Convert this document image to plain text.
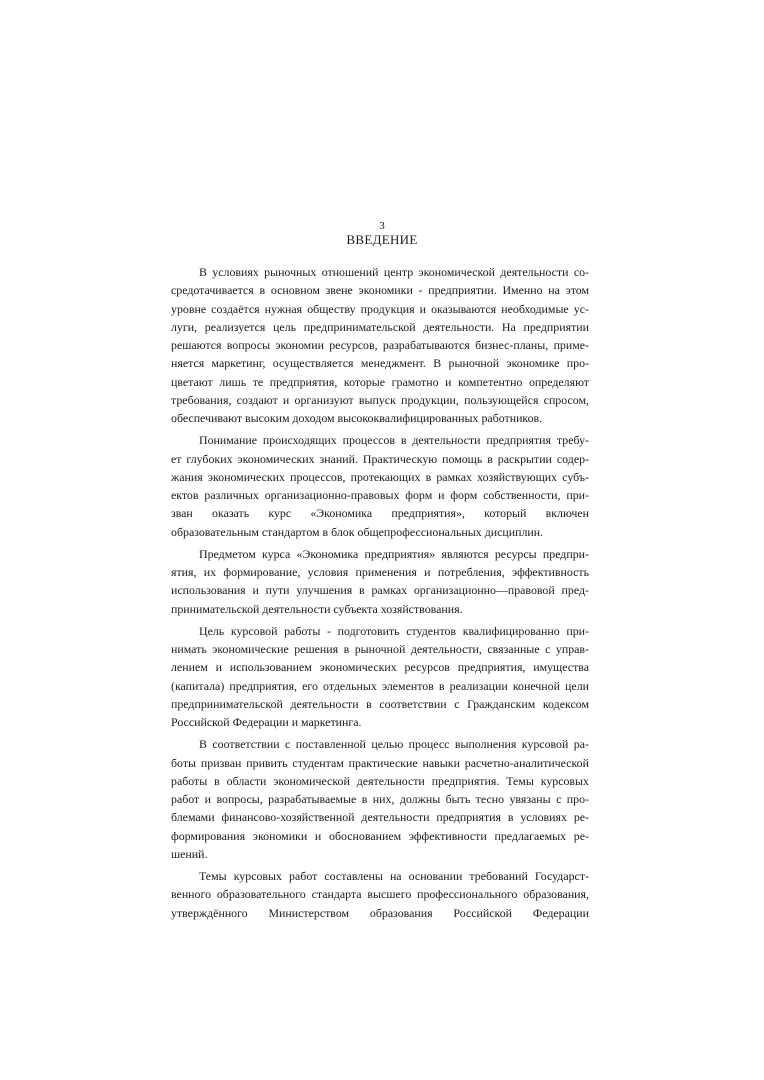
3
ВВЕДЕНИЕ
В условиях рыночных отношений центр экономической деятельности со-
средотачивается в основном звене экономики - предприятии. Именно на этом
уровне создаётся нужная обществу продукция и оказываются необходимые ус-
луги, реализуется цель предпринимательской деятельности. На предприятии
решаются вопросы экономии ресурсов, разрабатываются бизнес-планы, приме-
няется маркетинг, осуществляется менеджмент. В рыночной экономике про-
цветают лишь те предприятия, которые грамотно и компетентно определяют
требования, создают и организуют выпуск продукции, пользующейся спросом,
обеспечивают высоким доходом высококвалифицированных работников.
Понимание происходящих процессов в деятельности предприятия требу-
ет глубоких экономических знаний. Практическую помощь в раскрытии содер-
жания экономических процессов, протекающих в рамках хозяйствующих субъ-
ектов различных организационно-правовых форм и форм собственности, при-
зван оказать курс «Экономика предприятия», который включен
образовательным стандартом в блок общепрофессиональных дисциплин.
Предметом курса «Экономика предприятия» являются ресурсы предпри-
ятия, их формирование, условия применения и потребления, эффективность
использования и пути улучшения в рамках организационно—правовой пред-
принимательской деятельности субъекта хозяйствования.
Цель курсовой работы - подготовить студентов квалифицированно при-
нимать экономические решения в рыночной деятельности, связанные с управ-
лением и использованием экономических ресурсов предприятия, имущества
(капитала) предприятия, его отдельных элементов в реализации конечной цели
предпринимательской деятельности в соответствии с Гражданским кодексом
Российской Федерации и маркетинга.
В соответствии с поставленной целью процесс выполнения курсовой ра-
боты призван привить студентам практические навыки расчетно-аналитической
работы в области экономической деятельности предприятия. Темы курсовых
работ и вопросы, разрабатываемые в них, должны быть тесно увязаны с про-
блемами финансово-хозяйственной деятельности предприятия в условиях ре-
формирования экономики и обоснованием эффективности предлагаемых ре-
шений.
Темы курсовых работ составлены на основании требований Государст-
венного образовательного стандарта высшего профессионального образования,
утверждённого Министерством образования Российской Федерации
